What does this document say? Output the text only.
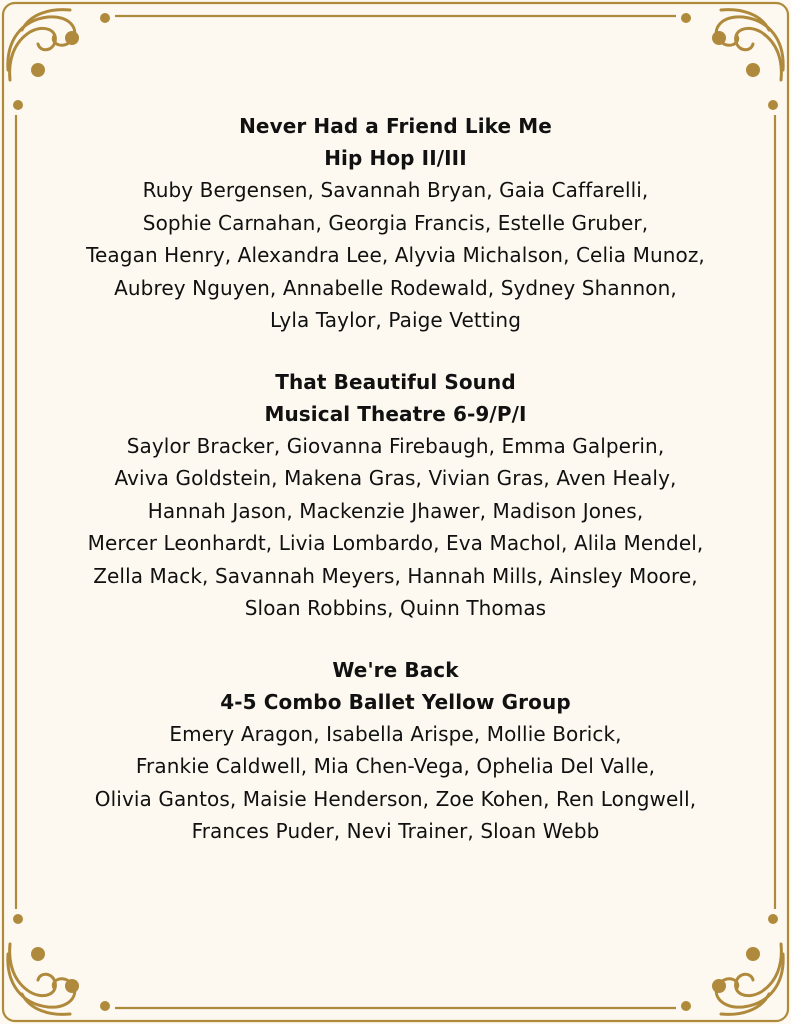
Never Had a Friend Like Me
Hip Hop II/III

Ruby Bergensen, Savannah Bryan, Gaia Caffarelli,

Sophie Carnahan, Georgia Francis, Estelle Gruber,

Teagan Henry, Alexandra Lee, Alyvia Michalson, Celia Munoz,

Aubrey Nguyen, Annabelle Rodewald, Sydney Shannon,

Lyla Taylor, Paige Vetting

That Beautiful Sound
Musical Theatre 6-9/P/I

Saylor Bracker, Giovanna Firebaugh, Emma Galperin,

Aviva Goldstein, Makena Gras, Vivian Gras, Aven Healy,

Hannah Jason, Mackenzie Jhawer, Madison Jones,

Mercer Leonhardt, Livia Lombardo, Eva Machol, Alila Mendel,

Zella Mack, Savannah Meyers, Hannah Mills, Ainsley Moore,

Sloan Robbins, Quinn Thomas

We're Back
4-5 Combo Ballet Yellow Group

Emery Aragon, Isabella Arispe, Mollie Borick,

Frankie Caldwell, Mia Chen-Vega, Ophelia Del Valle,

Olivia Gantos, Maisie Henderson, Zoe Kohen, Ren Longwell,

Frances Puder, Nevi Trainer, Sloan Webb
